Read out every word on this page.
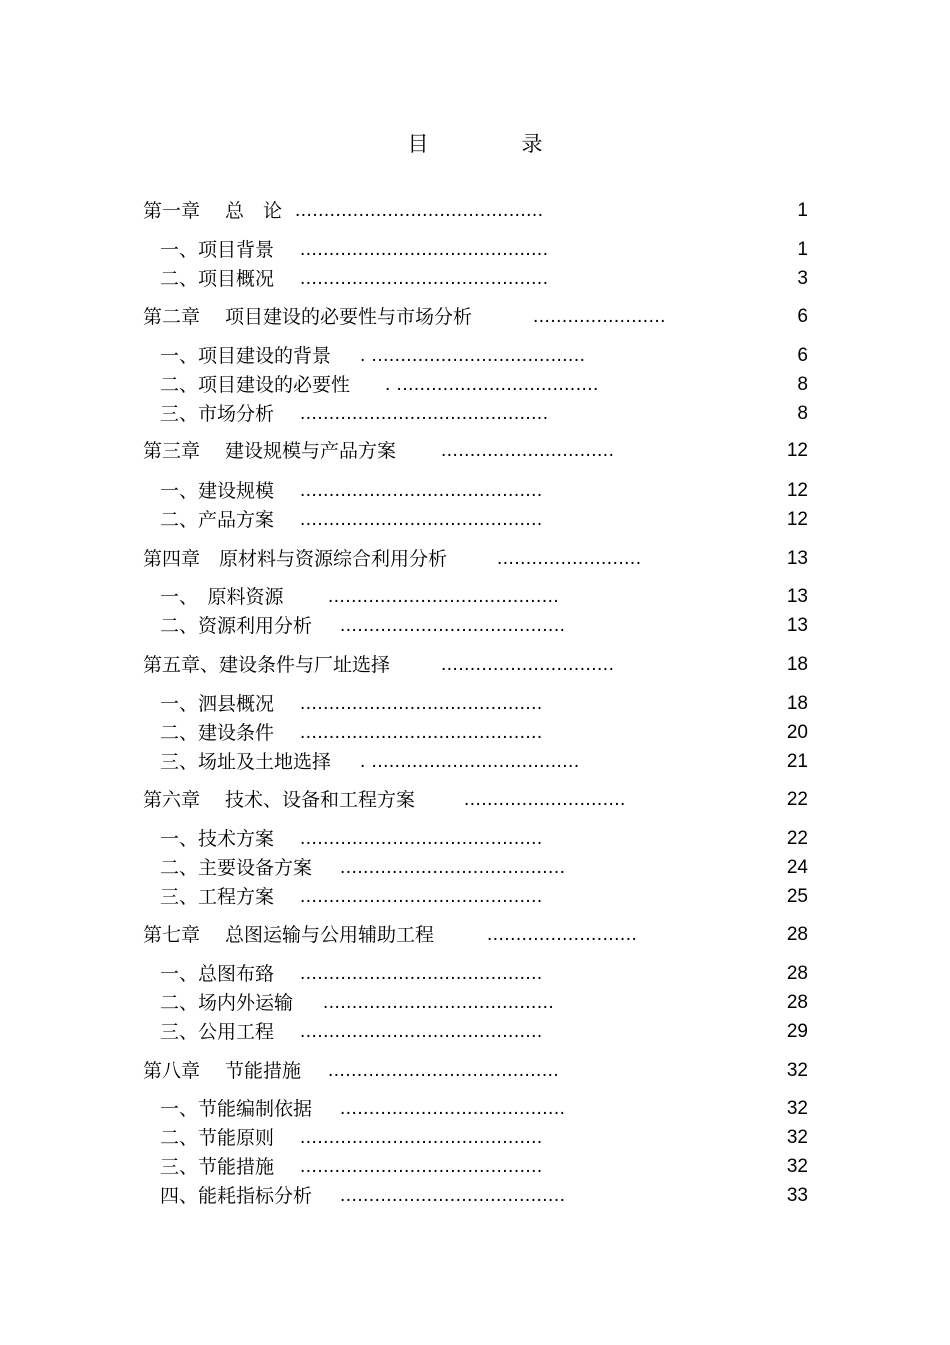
目　录
第一章　 总　论 ...........................................	1
一、项目背景 ...........................................	1
二、项目概况 ...........................................	3
第二章　 项目建设的必要性与市场分析	.......................	6
一、项目建设的背景 . .....................................	6
二、项目建设的必要性 . ...................................	8
三、市场分析 ...........................................	8
第三章　 建设规模与产品方案 ..............................	12
一、建设规模 ..........................................	12
二、产品方案 ..........................................	12
第四章　原材料与资源综合利用分析	.........................	13
一、　原料资源 ........................................	13
二、资源利用分析 .......................................	13
第五章、建设条件与厂址选择	..............................	18
一、泗县概况 ..........................................	18
二、建设条件 ..........................................	20
三、场址及土地选择 . ....................................	21
第六章　 技术、设备和工程方案	............................	22
一、技术方案 ..........................................	22
二、主要设备方案 .......................................	24
三、工程方案 ..........................................	25
第七章　 总图运输与公用辅助工程	..........................	28
一、总图布臵 ..........................................	28
二、场内外运输 ........................................	28
三、公用工程 ..........................................	29
第八章　 节能措施 ........................................	32
一、节能编制依据 .......................................	32
二、节能原则 ..........................................	32
三、节能措施 ..........................................	32
四、能耗指标分析 .......................................	33
